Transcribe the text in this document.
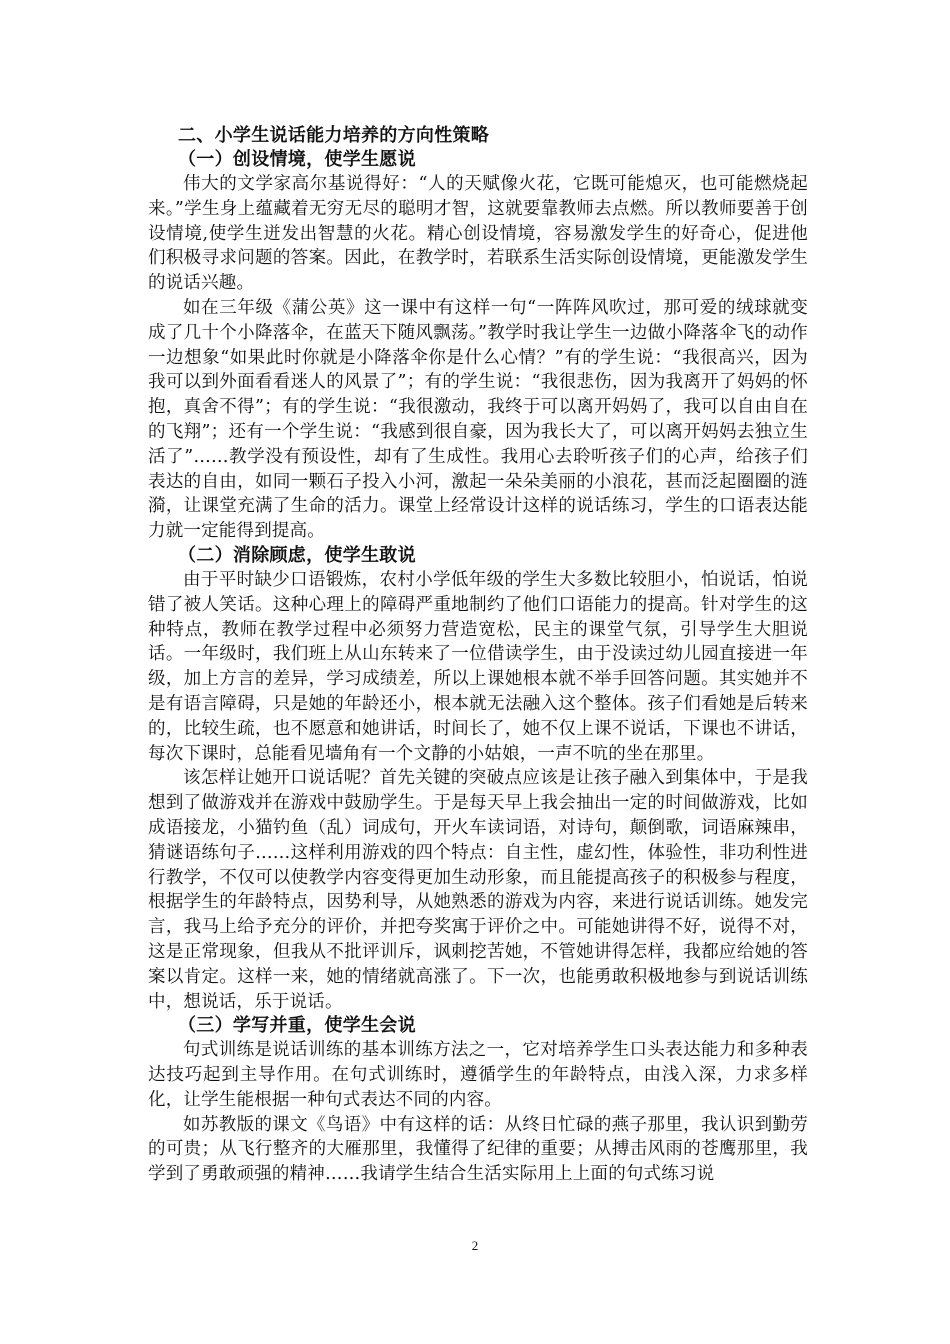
二、小学生说话能力培养的方向性策略
（一）创设情境，使学生愿说

伟大的文学家高尔基说得好：“人的天赋像火花，它既可能熄灭，也可能燃烧起来。”学生身上蕴藏着无穷无尽的聪明才智，这就要靠教师去点燃。所以教师要善于创设情境,使学生迸发出智慧的火花。精心创设情境，容易激发学生的好奇心，促进他们积极寻求问题的答案。因此，在教学时，若联系生活实际创设情境，更能激发学生的说话兴趣。

如在三年级《蒲公英》这一课中有这样一句“一阵阵风吹过，那可爱的绒球就变成了几十个小降落伞，在蓝天下随风飘荡。”教学时我让学生一边做小降落伞飞的动作一边想象“如果此时你就是小降落伞你是什么心情？”有的学生说：“我很高兴，因为我可以到外面看看迷人的风景了”；有的学生说：“我很悲伤，因为我离开了妈妈的怀抱，真舍不得”；有的学生说：“我很激动，我终于可以离开妈妈了，我可以自由自在的飞翔”；还有一个学生说：“我感到很自豪，因为我长大了，可以离开妈妈去独立生活了”……教学没有预设性，却有了生成性。我用心去聆听孩子们的心声，给孩子们表达的自由，如同一颗石子投入小河，激起一朵朵美丽的小浪花，甚而泛起圈圈的涟漪，让课堂充满了生命的活力。课堂上经常设计这样的说话练习，学生的口语表达能力就一定能得到提高。

（二）消除顾虑，使学生敢说

由于平时缺少口语锻炼，农村小学低年级的学生大多数比较胆小，怕说话，怕说错了被人笑话。这种心理上的障碍严重地制约了他们口语能力的提高。针对学生的这种特点，教师在教学过程中必须努力营造宽松，民主的课堂气氛，引导学生大胆说话。一年级时，我们班上从山东转来了一位借读学生，由于没读过幼儿园直接进一年级，加上方言的差异，学习成绩差，所以上课她根本就不举手回答问题。其实她并不是有语言障碍，只是她的年龄还小，根本就无法融入这个整体。孩子们看她是后转来的，比较生疏，也不愿意和她讲话，时间长了，她不仅上课不说话，下课也不讲话，每次下课时，总能看见墙角有一个文静的小姑娘，一声不吭的坐在那里。

该怎样让她开口说话呢？首先关键的突破点应该是让孩子融入到集体中，于是我想到了做游戏并在游戏中鼓励学生。于是每天早上我会抽出一定的时间做游戏，比如成语接龙，小猫钓鱼（乱）词成句，开火车读词语，对诗句，颠倒歌，词语麻辣串，猜谜语练句子……这样利用游戏的四个特点：自主性，虚幻性，体验性，非功利性进行教学，不仅可以使教学内容变得更加生动形象，而且能提高孩子的积极参与程度，根据学生的年龄特点，因势利导，从她熟悉的游戏为内容，来进行说话训练。她发完言，我马上给予充分的评价，并把夸奖寓于评价之中。可能她讲得不好，说得不对，这是正常现象，但我从不批评训斥，讽刺挖苦她，不管她讲得怎样，我都应给她的答案以肯定。这样一来，她的情绪就高涨了。下一次，也能勇敢积极地参与到说话训练中，想说话，乐于说话。

（三）学写并重，使学生会说

句式训练是说话训练的基本训练方法之一，它对培养学生口头表达能力和多种表达技巧起到主导作用。在句式训练时，遵循学生的年龄特点，由浅入深，力求多样化，让学生能根据一种句式表达不同的内容。

如苏教版的课文《鸟语》中有这样的话：从终日忙碌的燕子那里，我认识到勤劳的可贵；从飞行整齐的大雁那里，我懂得了纪律的重要；从搏击风雨的苍鹰那里，我学到了勇敢顽强的精神……我请学生结合生活实际用上上面的句式练习说

2
